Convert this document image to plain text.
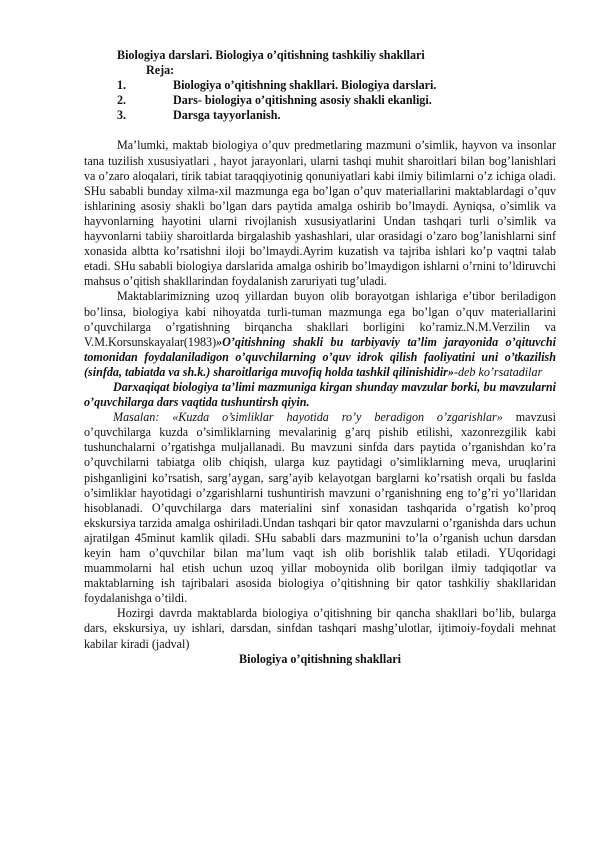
Biologiya darslari. Biologiya o’qitishning tashkiliy shakllari
Reja:
1.	Biologiya o’qitishning shakllari. Biologiya darslari.
2.	Dars- biologiya o’qitishning asosiy shakli ekanligi.
3.	Darsga tayyorlanish.

Ma’lumki, maktab biologiya o’quv predmetlaring mazmuni o’simlik, hayvon va insonlar tana tuzilish xususiyatlari , hayot jarayonlari, ularni tashqi muhit sharoitlari bilan bog’lanishlari va o’zaro aloqalari, tirik tabiat taraqqiyotinig qonuniyatlari kabi ilmiy bilimlarni o’z ichiga oladi. SHu sababli bunday xilma-xil mazmunga ega bo’lgan o’quv materiallarini maktablardagi o’quv ishlarining asosiy shakli bo’lgan dars paytida amalga oshirib bo’lmaydi. Ayniqsa, o’simlik va hayvonlarning hayotini ularni rivojlanish xususiyatlarini Undan tashqari turli o’simlik va hayvonlarni tabiiy sharoitlarda birgalashib yashashlari, ular orasidagi o’zaro bog’lanishlarni sinf xonasida albtta ko’rsatishni iloji bo’lmaydi.Ayrim kuzatish va tajriba ishlari ko’p vaqtni talab etadi. SHu sababli biologiya darslarida amalga oshirib bo’lmaydigon ishlarni o’rnini to’ldiruvchi mahsus o’qitish shakllarindan foydalanish zaruriyati tug’uladi.

Maktablarimizning uzoq yillardan buyon olib borayotgan ishlariga e’tibor beriladigon bo’linsa, biologiya kabi nihoyatda turli-tuman mazmunga ega bo’lgan o’quv materiallarini o’quvchilarga o’rgatishning birqancha shakllari borligini ko’ramiz.N.M.Verzilin va V.M.Korsunskayalar(1983)»O’qitishning shakli bu tarbiyaviy ta’lim jarayonida o’qituvchi tomonidan foydalaniladigon o’quvchilarning o’quv idrok qilish faoliyatini uni o’tkazilish (sinfda, tabiatda va sh.k.) sharoitlariga muvofiq holda tashkil qilinishidir»-deb ko’rsatadilar

Darxaqiqat biologiya ta’limi mazmuniga kirgan shunday mavzular borki, bu mavzularni o’quvchilarga dars vaqtida tushuntirsh qiyin.

Masalan: «Kuzda o’simliklar hayotida ro’y beradigon o’zgarishlar» mavzusi o’quvchilarga kuzda o’simliklarning mevalarinig g’arq pishib etilishi, xazonrezgilik kabi tushunchalarni o’rgatishga muljallanadi. Bu mavzuni sinfda dars paytida o’rganishdan ko’ra o’quvchilarni tabiatga olib chiqish, ularga kuz paytidagi o’simliklarning meva, uruqlarini pishganligini ko’rsatish, sarg’aygan, sarg’ayib kelayotgan barglarni ko’rsatish orqali bu faslda o’simliklar hayotidagi o’zgarishlarni tushuntirish mavzuni o’rganishning eng to’g’ri yo’llaridan hisoblanadi. O’quvchilarga dars materialini sinf xonasidan tashqarida o’rgatish ko’proq ekskursiya tarzida amalga oshiriladi.Undan tashqari bir qator mavzularni o’rganishda dars uchun ajratilgan 45minut kamlik qiladi. SHu sababli dars mazmunini to’la o’rganish uchun darsdan keyin ham o’quvchilar bilan ma’lum vaqt ish olib borishlik talab etiladi. YUqoridagi muammolarni hal etish uchun uzoq yillar moboynida olib borilgan ilmiy tadqiqotlar va maktablarning ish tajribalari asosida biologiya o’qitishning bir qator tashkiliy shakllaridan foydalanishga o’tildi.

Hozirgi davrda maktablarda biologiya o’qitishning bir qancha shakllari bo’lib, bularga dars, ekskursiya, uy ishlari, darsdan, sinfdan tashqari mashg’ulotlar, ijtimoiy-foydali mehnat kabilar kiradi (jadval)

Biologiya o’qitishning shakllari
